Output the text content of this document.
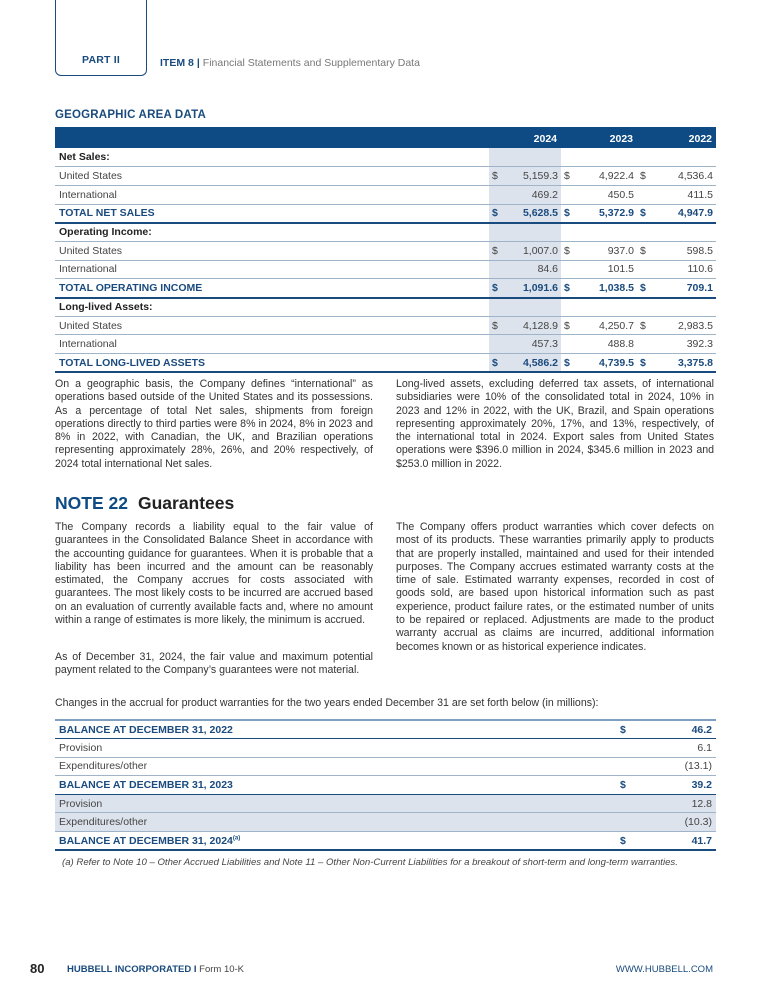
PART II	ITEM 8 | Financial Statements and Supplementary Data
GEOGRAPHIC AREA DATA
	2024		2023		2022	
Net Sales:						
United States	$	5,159.3	$	4,922.4	$	4,536.4
International		469.2		450.5		411.5
TOTAL NET SALES	$	5,628.5	$	5,372.9	$	4,947.9
Operating Income:						
United States	$	1,007.0	$	937.0	$	598.5
International		84.6		101.5		110.6
TOTAL OPERATING INCOME	$	1,091.6	$	1,038.5	$	709.1
Long-lived Assets:						
United States	$	4,128.9	$	4,250.7	$	2,983.5
International		457.3		488.8		392.3
TOTAL LONG-LIVED ASSETS	$	4,586.2	$	4,739.5	$	3,375.8
On a geographic basis, the Company defines “international” as operations based outside of the United States and its possessions. As a percentage of total Net sales, shipments from foreign operations directly to third parties were 8% in 2024, 8% in 2023 and 8% in 2022, with Canadian, the UK, and Brazilian operations representing approximately 28%, 26%, and 20% respectively, of 2024 total international Net sales.
Long-lived assets, excluding deferred tax assets, of international subsidiaries were 10% of the consolidated total in 2024, 10% in 2023 and 12% in 2022, with the UK, Brazil, and Spain operations representing approximately 20%, 17%, and 13%, respectively, of the international total in 2024. Export sales from United States operations were $396.0 million in 2024, $345.6 million in 2023 and $253.0 million in 2022.
NOTE 22 Guarantees
The Company records a liability equal to the fair value of guarantees in the Consolidated Balance Sheet in accordance with the accounting guidance for guarantees. When it is probable that a liability has been incurred and the amount can be reasonably estimated, the Company accrues for costs associated with guarantees. The most likely costs to be incurred are accrued based on an evaluation of currently available facts and, where no amount within a range of estimates is more likely, the minimum is accrued.
As of December 31, 2024, the fair value and maximum potential payment related to the Company’s guarantees were not material.
The Company offers product warranties which cover defects on most of its products. These warranties primarily apply to products that are properly installed, maintained and used for their intended purposes. The Company accrues estimated warranty costs at the time of sale. Estimated warranty expenses, recorded in cost of goods sold, are based upon historical information such as past experience, product failure rates, or the estimated number of units to be repaired or replaced. Adjustments are made to the product warranty accrual as claims are incurred, additional information becomes known or as historical experience indicates.
Changes in the accrual for product warranties for the two years ended December 31 are set forth below (in millions):
BALANCE AT DECEMBER 31, 2022	$	46.2
Provision		6.1
Expenditures/other		(13.1)
BALANCE AT DECEMBER 31, 2023	$	39.2
Provision		12.8
Expenditures/other		(10.3)
BALANCE AT DECEMBER 31, 2024$^{(a)}$	$	41.7
(a) Refer to Note 10 – Other Accrued Liabilities and Note 11 – Other Non-Current Liabilities for a breakout of short-term and long-term warranties.
80 HUBBELL INCORPORATED I Form 10-K	WWW.HUBBELL.COM
